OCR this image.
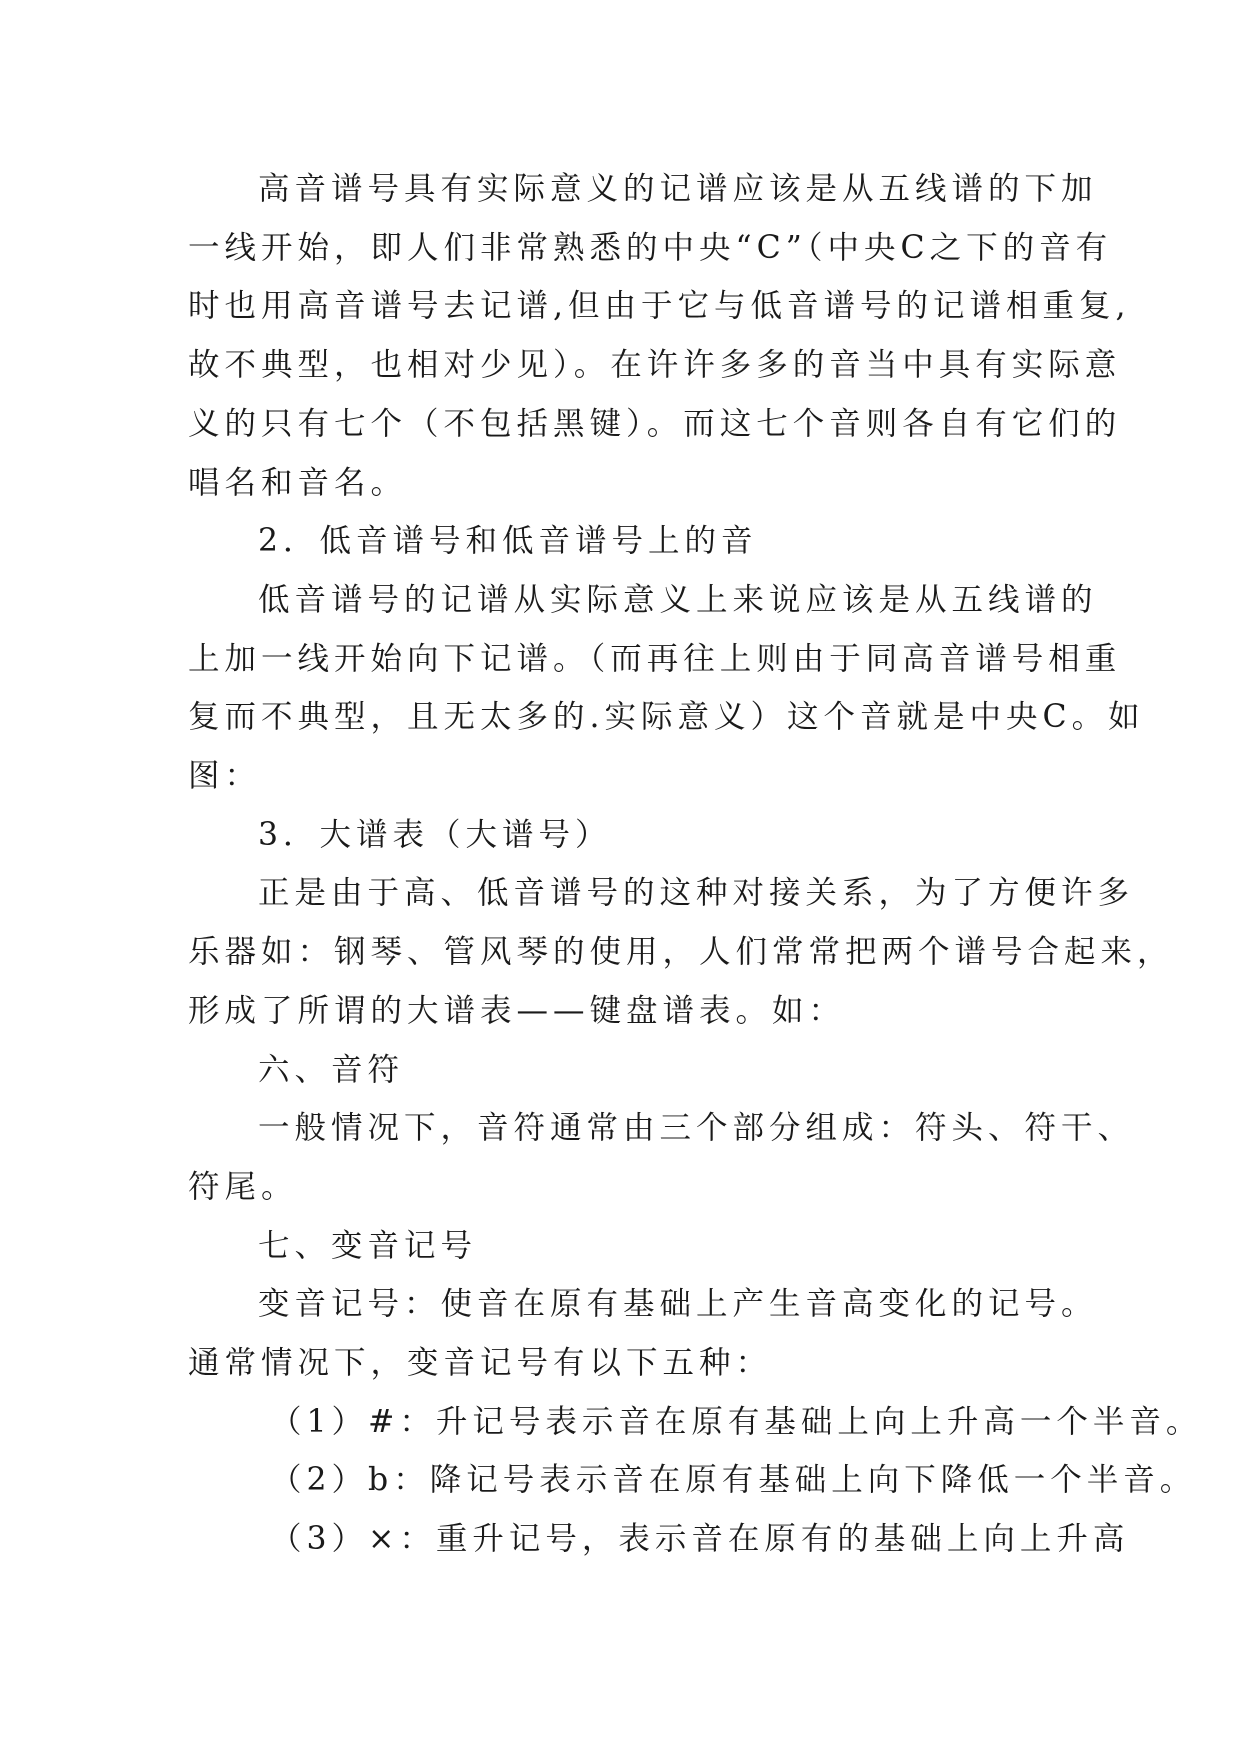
高音谱号具有实际意义的记谱应该是从五线谱的下加

一线开始，即人们非常熟悉的中央“C”（中央C之下的音有

时也用高音谱号去记谱,但由于它与低音谱号的记谱相重复,

故不典型，也相对少见）。在许许多多的音当中具有实际意

义的只有七个（不包括黑键）。而这七个音则各自有它们的

唱名和音名。

2．低音谱号和低音谱号上的音

低音谱号的记谱从实际意义上来说应该是从五线谱的

上加一线开始向下记谱。（而再往上则由于同高音谱号相重

复而不典型，且无太多的.实际意义）这个音就是中央C。如

图：

3．大谱表（大谱号）

正是由于高、低音谱号的这种对接关系，为了方便许多

乐器如：钢琴、管风琴的使用，人们常常把两个谱号合起来，

形成了所谓的大谱表——键盘谱表。如：

六、音符

一般情况下，音符通常由三个部分组成：符头、符干、

符尾。

七、变音记号

变音记号：使音在原有基础上产生音高变化的记号。

通常情况下，变音记号有以下五种：

（1）#：升记号表示音在原有基础上向上升高一个半音。

（2）b：降记号表示音在原有基础上向下降低一个半音。

（3）×：重升记号，表示音在原有的基础上向上升高
